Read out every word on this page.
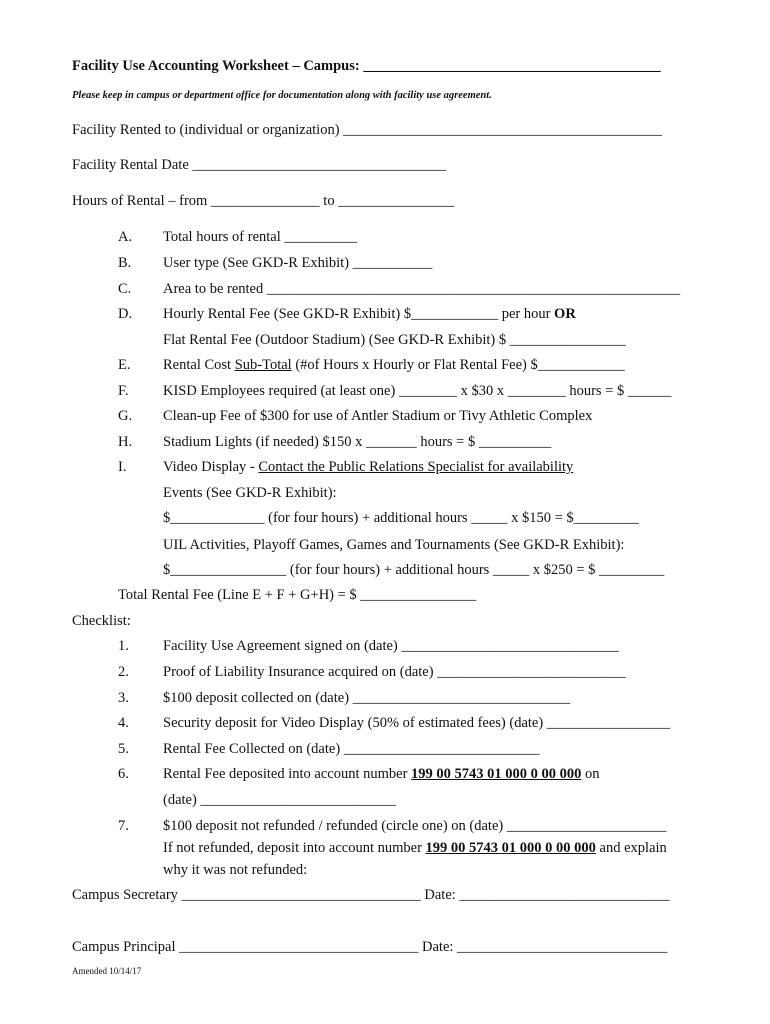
Facility Use Accounting Worksheet – Campus: _________________________________________
Please keep in campus or department office for documentation along with facility use agreement.
Facility Rented to (individual or organization) ____________________________________________
Facility Rental Date ___________________________________
Hours of Rental – from _______________ to ________________
A. Total hours of rental __________
B. User type (See GKD-R Exhibit) ___________
C. Area to be rented _________________________________________________________
D. Hourly Rental Fee (See GKD-R Exhibit) $____________ per hour OR
Flat Rental Fee (Outdoor Stadium) (See GKD-R Exhibit) $ ________________
E. Rental Cost Sub-Total (#of Hours x Hourly or Flat Rental Fee) $____________
F. KISD Employees required (at least one) ________ x $30 x ________ hours = $ ______
G. Clean-up Fee of $300 for use of Antler Stadium or Tivy Athletic Complex
H. Stadium Lights (if needed) $150 x _______ hours = $ __________
I.	Video Display - Contact the Public Relations Specialist for availability
Events (See GKD-R Exhibit):
$_____________ (for four hours) + additional hours _____ x $150 = $_________
UIL Activities, Playoff Games, Games and Tournaments (See GKD-R Exhibit):
$________________ (for four hours) + additional hours _____ x $250 = $ _________
Total Rental Fee (Line E + F + G+H) = $ ________________
Checklist:
1. Facility Use Agreement signed on (date) ______________________________
2. Proof of Liability Insurance acquired on (date) __________________________
3. $100 deposit collected on (date) ______________________________
4. Security deposit for Video Display (50% of estimated fees) (date) _________________
5. Rental Fee Collected on (date) ___________________________
6. Rental Fee deposited into account number 199 00 5743 01 000 0 00 000 on
(date) ___________________________
7. $100 deposit not refunded / refunded (circle one) on (date) ______________________
If not refunded, deposit into account number 199 00 5743 01 000 0 00 000 and explain
why it was not refunded:
Campus Secretary _________________________________ Date: _____________________________
Campus Principal _________________________________ Date: _____________________________
Amended 10/14/17
